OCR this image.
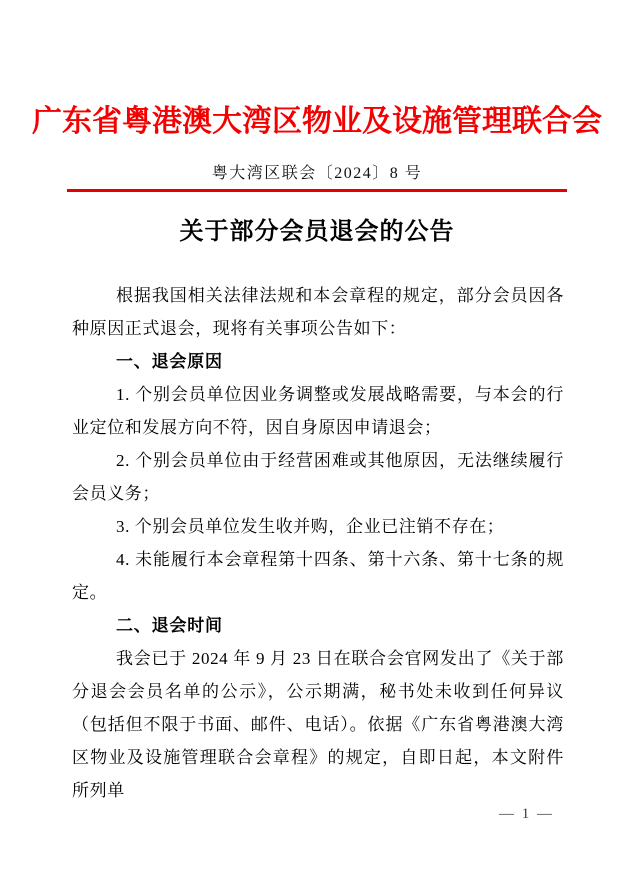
广东省粤港澳大湾区物业及设施管理联合会
粤大湾区联会〔2024〕8 号
关于部分会员退会的公告

根据我国相关法律法规和本会章程的规定，部分会员因各种原因正式退会，现将有关事项公告如下：

一、退会原因

1. 个别会员单位因业务调整或发展战略需要，与本会的行业定位和发展方向不符，因自身原因申请退会；

2. 个别会员单位由于经营困难或其他原因，无法继续履行会员义务；

3. 个别会员单位发生收并购，企业已注销不存在；

4. 未能履行本会章程第十四条、第十六条、第十七条的规定。

二、退会时间

我会已于 2024 年 9 月 23 日在联合会官网发出了《关于部分退会会员名单的公示》，公示期满，秘书处未收到任何异议（包括但不限于书面、邮件、电话）。依据《广东省粤港澳大湾区物业及设施管理联合会章程》的规定，自即日起，本文附件所列单

— 1 —
